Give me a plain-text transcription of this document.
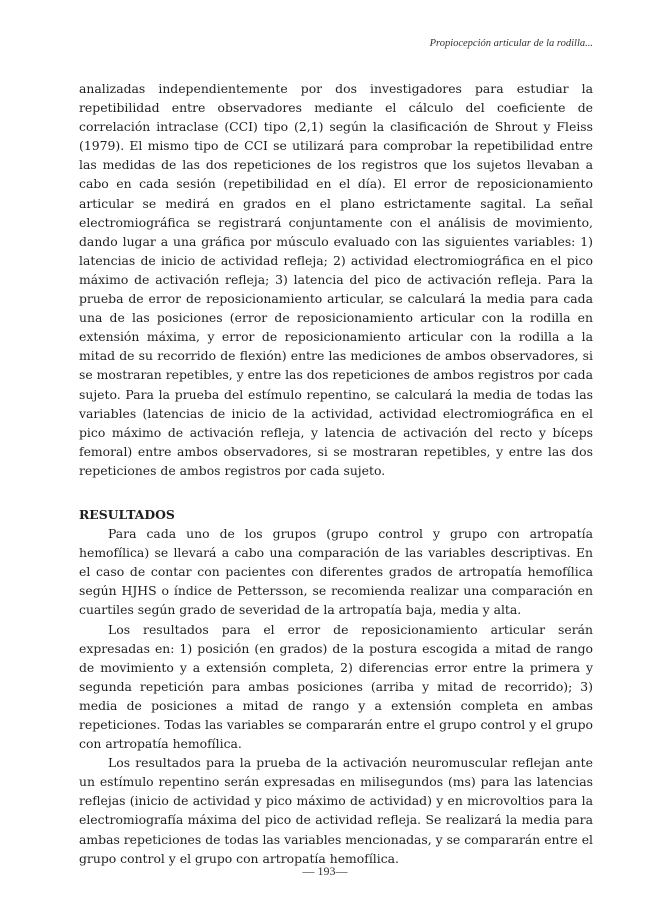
Propiocepción articular de la rodilla...

analizadas independientemente por dos investigadores para estudiar la repetibilidad entre observadores mediante el cálculo del coeficiente de correlación intraclase (CCI) tipo (2,1) según la clasificación de Shrout y Fleiss (1979). El mismo tipo de CCI se utilizará para comprobar la repetibilidad entre las medidas de las dos repeticiones de los registros que los sujetos llevaban a cabo en cada sesión (repetibilidad en el día). El error de reposicionamiento articular se medirá en grados en el plano estrictamente sagital. La señal electromiográfica se registrará conjuntamente con el análisis de movimiento, dando lugar a una gráfica por músculo evaluado con las siguientes variables: 1) latencias de inicio de actividad refleja; 2) actividad electromiográfica en el pico máximo de activación refleja; 3) latencia del pico de activación refleja. Para la prueba de error de reposicionamiento articular, se calculará la media para cada una de las posiciones (error de reposicionamiento articular con la rodilla en extensión máxima, y error de reposicionamiento articular con la rodilla a la mitad de su recorrido de flexión) entre las mediciones de ambos observadores, si se mostraran repetibles, y entre las dos repeticiones de ambos registros por cada sujeto. Para la prueba del estímulo repentino, se calculará la media de todas las variables (latencias de inicio de la actividad, actividad electromiográfica en el pico máximo de activación refleja, y latencia de activación del recto y bíceps femoral) entre ambos observadores, si se mostraran repetibles, y entre las dos repeticiones de ambos registros por cada sujeto.

RESULTADOS

Para cada uno de los grupos (grupo control y grupo con artropatía hemofílica) se llevará a cabo una comparación de las variables descriptivas. En el caso de contar con pacientes con diferentes grados de artropatía hemofílica según HJHS o índice de Pettersson, se recomienda realizar una comparación en cuartiles según grado de severidad de la artropatía baja, media y alta.

Los resultados para el error de reposicionamiento articular serán expresadas en: 1) posición (en grados) de la postura escogida a mitad de rango de movimiento y a extensión completa, 2) diferencias error entre la primera y segunda repetición para ambas posiciones (arriba y mitad de recorrido); 3) media de posiciones a mitad de rango y a extensión completa en ambas repeticiones. Todas las variables se compararán entre el grupo control y el grupo con artropatía hemofílica.

Los resultados para la prueba de la activación neuromuscular reflejan ante un estímulo repentino serán expresadas en milisegundos (ms) para las latencias reflejas (inicio de actividad y pico máximo de actividad) y en microvoltios para la electromiografía máxima del pico de actividad refleja. Se realizará la media para ambas repeticiones de todas las variables mencionadas, y se compararán entre el grupo control y el grupo con artropatía hemofílica.

— 193—
